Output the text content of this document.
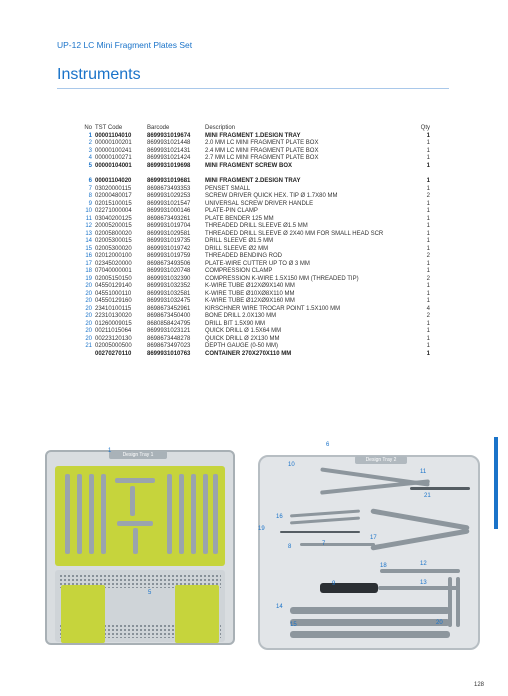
UP-12 LC Mini Fragment Plates Set
Instruments
No TST Code	Barcode	Description	Qty
1 00001104010	8699931019674 MINI FRAGMENT 1.DESIGN TRAY	1
2 00000100201	8699931021448 2.0 MM LC MINI FRAGMENT PLATE BOX	1
3 00000100241	8699931021431 2.4 MM LC MINI FRAGMENT PLATE BOX	1
4 00000100271	8699931021424 2.7 MM LC MINI FRAGMENT PLATE BOX	1
5 00000104001	8699931019698 MINI FRAGMENT SCREW BOX	1
6 00001104020	8699931019681 MINI FRAGMENT 2.DESIGN TRAY	1
7 03020000115	8698673493353 PENSET SMALL	1
8 02000480017	8699931029253 SCREW DRIVER QUICK HEX. TIP Ø 1.7X80 MM	2
9 02015100015	8699931021547 UNIVERSAL SCREW DRIVER HANDLE	1
10 02271000004	8699931000146 PLATE-PIN CLAMP	1
11 03040200125	8698673493261 PLATE BENDER 125 MM	1
12 20005200015	8699931019704 THREADED DRILL SLEEVE Ø1.5 MM	1
13 02005800020	8699931029581 THREADED DRILL SLEEVE Ø 2X40 MM FOR SMALL HEAD SCR	1
14 02005300015	8699931019735 DRILL SLEEVE Ø1.5 MM	1
15 02005300020	8699931019742 DRILL SLEEVE Ø2 MM	1
16 02012000100	8699931019759 THREADED BENDING ROD	2
17 02345020000	8698673493506 PLATE-WIRE CUTTER UP TO Ø 3 MM	1
18 07040000001	8699931020748 COMPRESSION CLAMP	1
19 02005150150	8699931032390 COMPRESSION K-WIRE 1.5X150 MM (THREADED TIP)	2
20 04550129140	8699931032352 K-WIRE TUBE Ø12XØ9X140 MM	1
20 04551000110	8699931032581 K-WIRE TUBE Ø10XØ8X110 MM	1
20 04550129160	8699931032475 K-WIRE TUBE Ø12XØ9X160 MM	1
20 23410100115	8698673452961 KIRSCHNER WIRE TROCAR POINT 1.5X100 MM	4
20 22310130020	8698673450400 BONE DRILL 2.0X130 MM	2
20 01260009015	8680858424795 DRILL BIT 1.5X90 MM	1
20 00211015064	8699931023121 QUICK DRILL Ø 1.5X64 MM	1
20 00223120130	8698673448278 QUICK DRILL Ø 2X130 MM	1
21 02005000500	8698673497023 DEPTH GAUGE (0-50 MM)	1
00270270110	8699931010763 CONTAINER 270X270X110 MM	1
Design Tray 1
Design Tray 2
1
5
6
10
11
21
16
19
8	7
17
18	12
13
9
14
15	20
128
